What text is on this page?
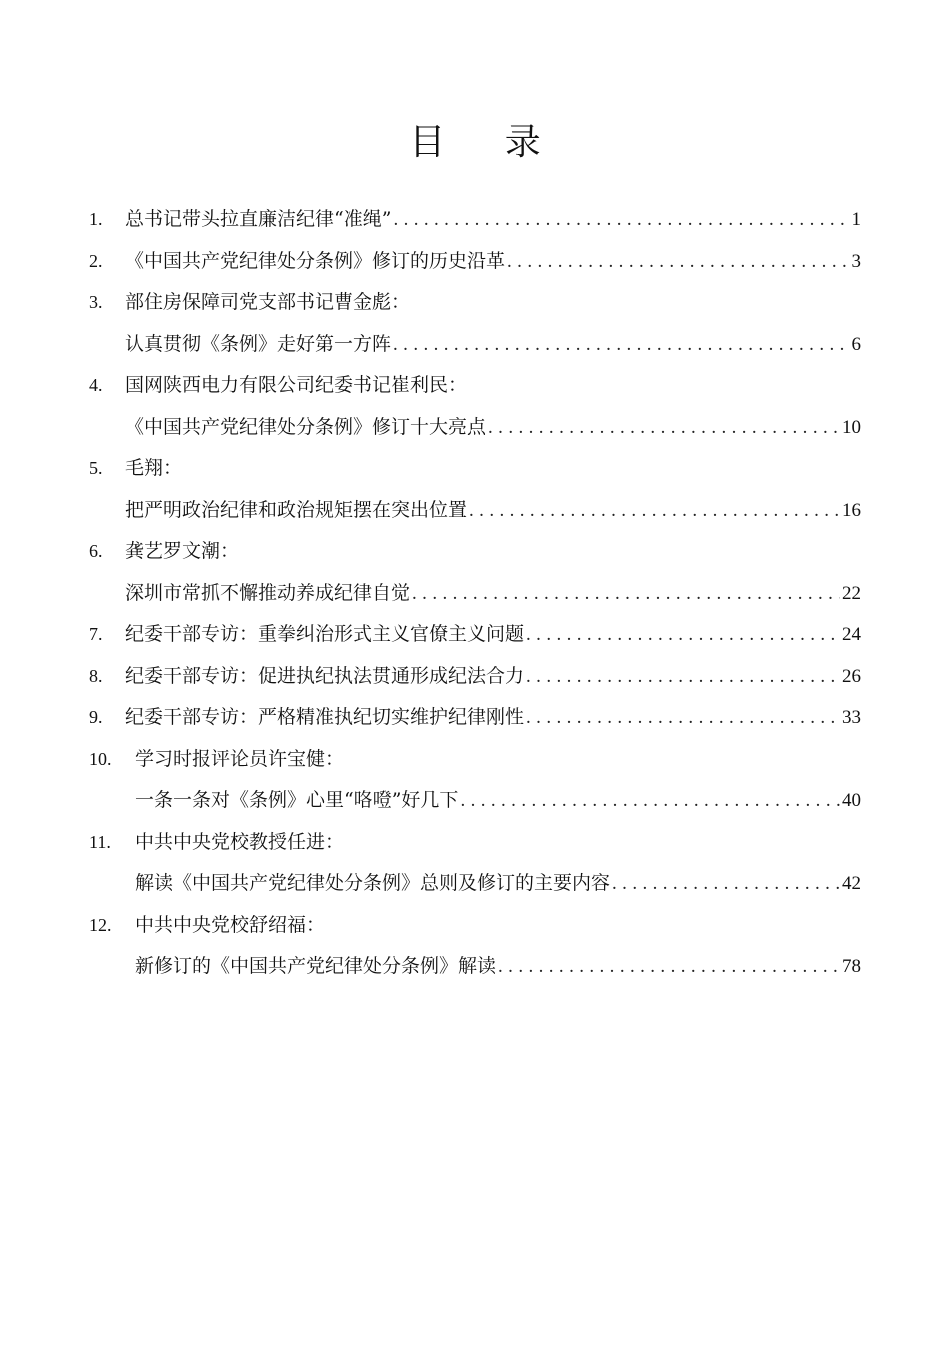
目 录
1.	总书记带头拉直廉洁纪律“准绳” .....	1
2.	《中国共产党纪律处分条例》修订的历史沿革 .....	3
3.	部住房保障司党支部书记曹金彪：
认真贯彻《条例》走好第一方阵 .....	6
4.	国网陕西电力有限公司纪委书记崔利民：
《中国共产党纪律处分条例》修订十大亮点 .....	10
5.	毛翔：
把严明政治纪律和政治规矩摆在突出位置 .....	16
6.	龚艺罗文潮：
深圳市常抓不懈推动养成纪律自觉 .....	22
7.	纪委干部专访：重拳纠治形式主义官僚主义问题 .....	24
8.	纪委干部专访：促进执纪执法贯通形成纪法合力 .....	26
9.	纪委干部专访：严格精准执纪切实维护纪律刚性 .....	33
10.	学习时报评论员许宝健：
一条一条对《条例》心里“咯噔”好几下 .....	40
11.	中共中央党校教授任进：
解读《中国共产党纪律处分条例》总则及修订的主要内容 .....	42
12.	中共中央党校舒绍福：
新修订的《中国共产党纪律处分条例》解读 .....	78
